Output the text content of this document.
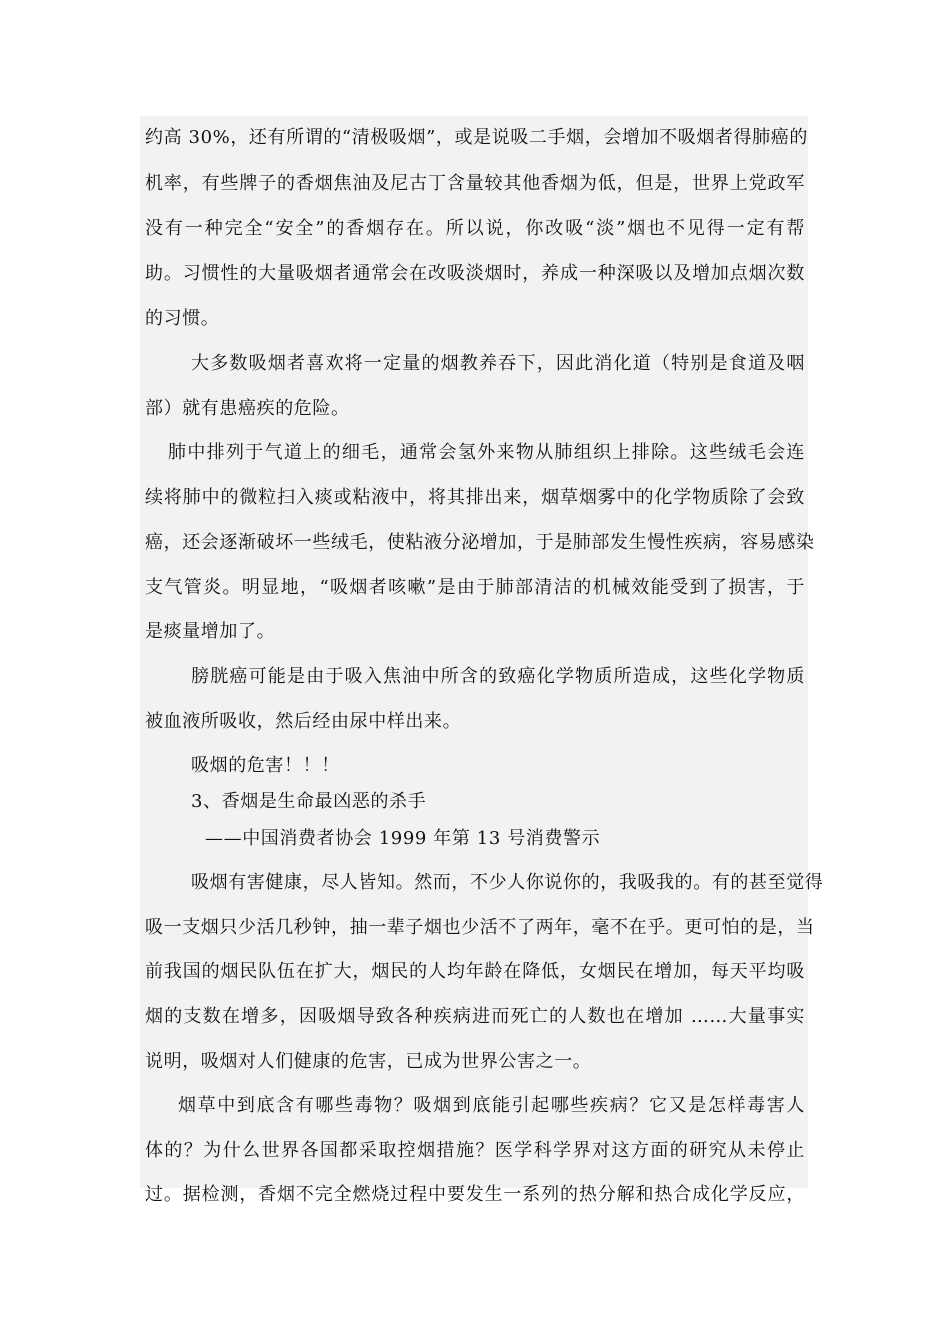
约高 30%，还有所谓的“清极吸烟”，或是说吸二手烟，会增加不吸烟者得肺癌的
机率，有些牌子的香烟焦油及尼古丁含量较其他香烟为低，但是，世界上党政军
没有一种完全“安全”的香烟存在。所以说，你改吸“淡”烟也不见得一定有帮
助。习惯性的大量吸烟者通常会在改吸淡烟时，养成一种深吸以及增加点烟次数
的习惯。
大多数吸烟者喜欢将一定量的烟教养吞下，因此消化道（特别是食道及咽
部）就有患癌疾的危险。
肺中排列于气道上的细毛，通常会氢外来物从肺组织上排除。这些绒毛会连
续将肺中的微粒扫入痰或粘液中，将其排出来，烟草烟雾中的化学物质除了会致
癌，还会逐渐破坏一些绒毛，使粘液分泌增加，于是肺部发生慢性疾病，容易感染
支气管炎。明显地，“吸烟者咳嗽”是由于肺部清洁的机械效能受到了损害，于
是痰量增加了。
膀胱癌可能是由于吸入焦油中所含的致癌化学物质所造成，这些化学物质
被血液所吸收，然后经由尿中样出来。
吸烟的危害！！！
3、香烟是生命最凶恶的杀手
——中国消费者协会 1999 年第 13 号消费警示
吸烟有害健康，尽人皆知。然而，不少人你说你的，我吸我的。有的甚至觉得
吸一支烟只少活几秒钟，抽一辈子烟也少活不了两年，毫不在乎。更可怕的是，当
前我国的烟民队伍在扩大，烟民的人均年龄在降低，女烟民在增加，每天平均吸
烟的支数在增多，因吸烟导致各种疾病进而死亡的人数也在增加 ……大量事实
说明，吸烟对人们健康的危害，已成为世界公害之一。
烟草中到底含有哪些毒物？吸烟到底能引起哪些疾病？它又是怎样毒害人
体的？为什么世界各国都采取控烟措施？医学科学界对这方面的研究从未停止
过。据检测，香烟不完全燃烧过程中要发生一系列的热分解和热合成化学反应，
